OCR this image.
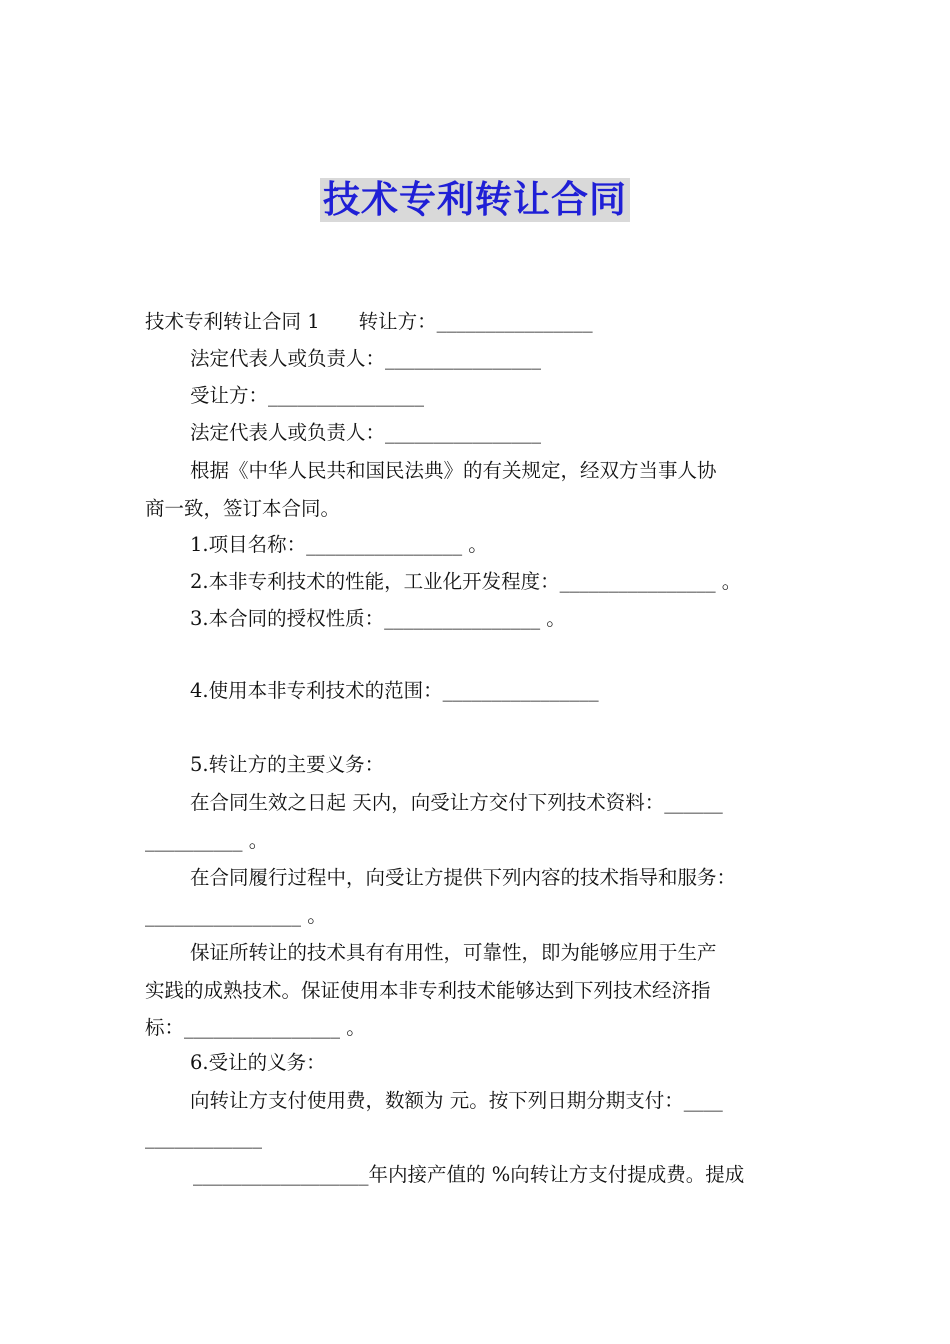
技术专利转让合同
技术专利转让合同 1　　转让方：________________
法定代表人或负责人：________________
受让方：________________
法定代表人或负责人：________________
根据《中华人民共和国民法典》的有关规定，经双方当事人协
商一致，签订本合同。
1.项目名称：________________ 。
2.本非专利技术的性能，工业化开发程度：________________ 。
3.本合同的授权性质：________________ 。
4.使用本非专利技术的范围：________________
5.转让方的主要义务：
在合同生效之日起 天内，向受让方交付下列技术资料：______
__________ 。
在合同履行过程中，向受让方提供下列内容的技术指导和服务：
________________ 。
保证所转让的技术具有有用性，可靠性，即为能够应用于生产
实践的成熟技术。保证使用本非专利技术能够达到下列技术经济指
标：________________ 。
6.受让的义务：
向转让方支付使用费，数额为 元。按下列日期分期支付：____
____________
__________________年内接产值的 %向转让方支付提成费。提成
